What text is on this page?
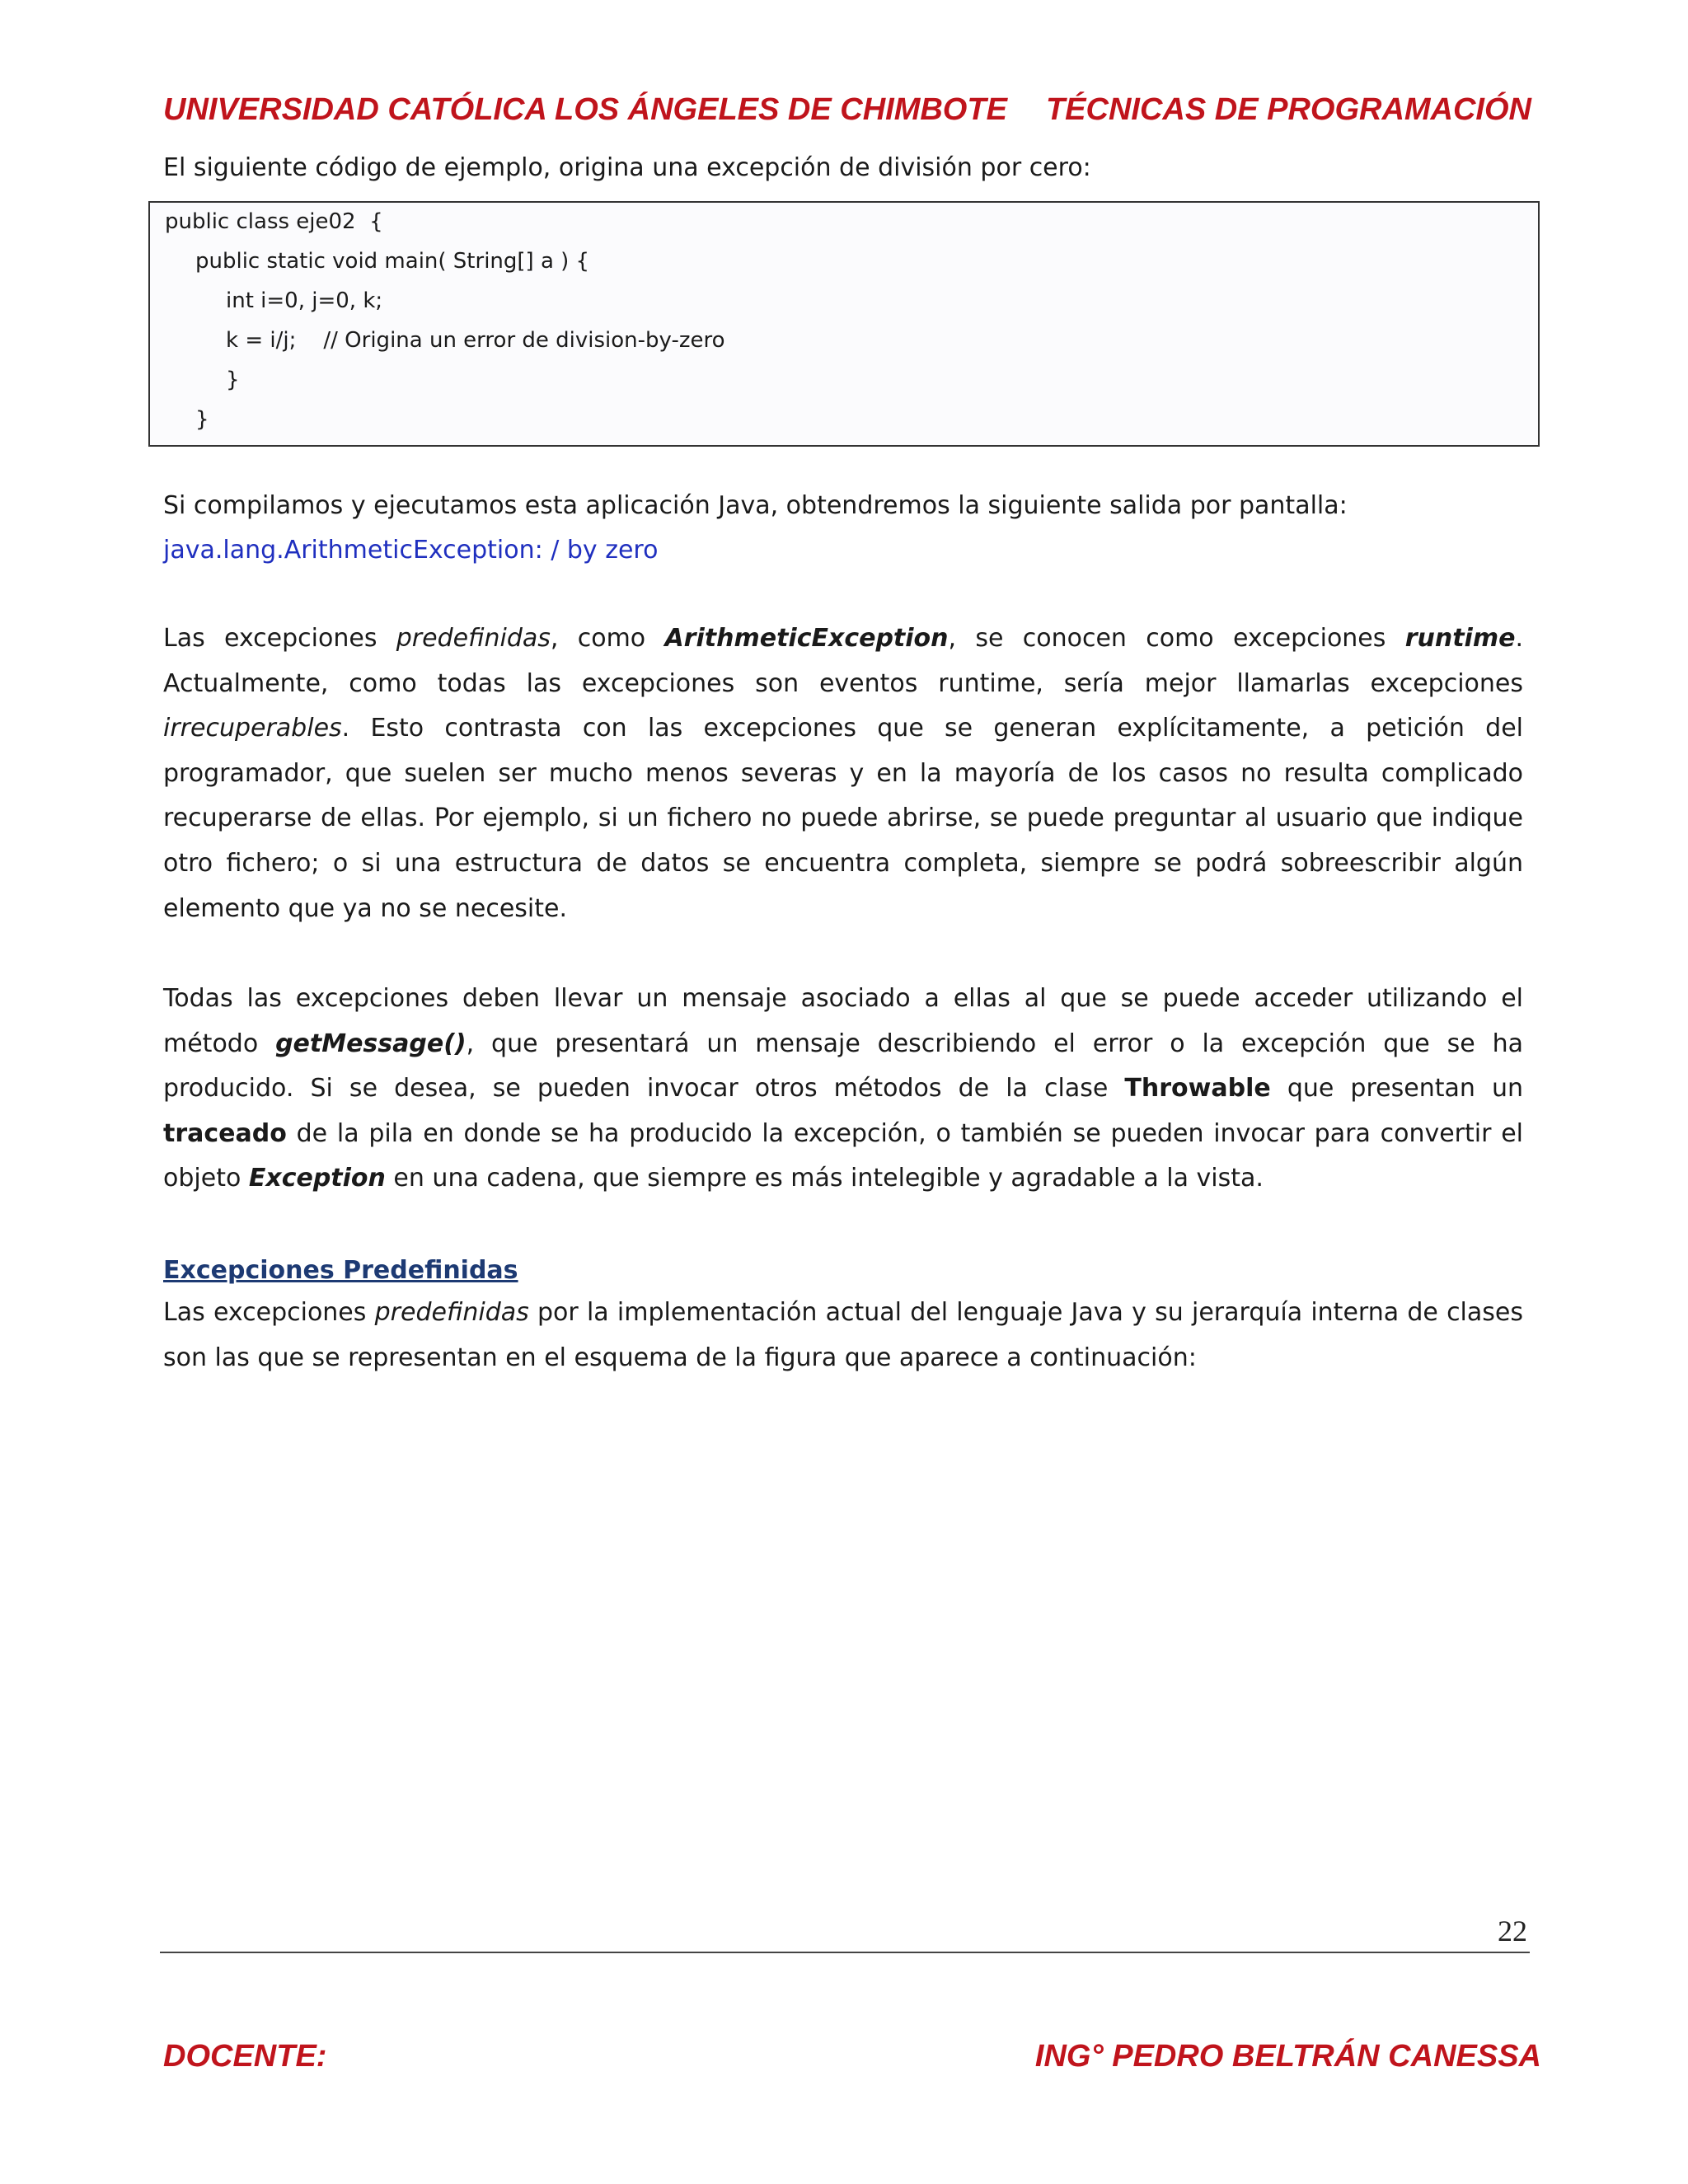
UNIVERSIDAD CATÓLICA LOS ÁNGELES DE CHIMBOTE TÉCNICAS DE PROGRAMACIÓN
El siguiente código de ejemplo, origina una excepción de división por cero:
public class eje02  {
public static void main( String[] a ) {
int i=0, j=0, k;
k = i/j;    // Origina un error de division-by-zero
}
}
Si compilamos y ejecutamos esta aplicación Java, obtendremos la siguiente salida por pantalla:
java.lang.ArithmeticException: / by zero
Las excepciones predefinidas, como ArithmeticException, se conocen como excepciones runtime. Actualmente, como todas las excepciones son eventos runtime, sería mejor llamarlas excepciones irrecuperables. Esto contrasta con las excepciones que se generan explícitamente, a petición del programador, que suelen ser mucho menos severas y en la mayoría de los casos no resulta complicado recuperarse de ellas. Por ejemplo, si un fichero no puede abrirse, se puede preguntar al usuario que indique otro fichero; o si una estructura de datos se encuentra completa, siempre se podrá sobreescribir algún elemento que ya no se necesite.
Todas las excepciones deben llevar un mensaje asociado a ellas al que se puede acceder utilizando el método getMessage(), que presentará un mensaje describiendo el error o la excepción que se ha producido. Si se desea, se pueden invocar otros métodos de la clase Throwable que presentan un traceado de la pila en donde se ha producido la excepción, o también se pueden invocar para convertir el objeto Exception en una cadena, que siempre es más intelegible y agradable a la vista.
Excepciones Predefinidas
Las excepciones predefinidas por la implementación actual del lenguaje Java y su jerarquía interna de clases son las que se representan en el esquema de la figura que aparece a continuación:
22
DOCENTE:	ING° PEDRO BELTRÁN CANESSA
